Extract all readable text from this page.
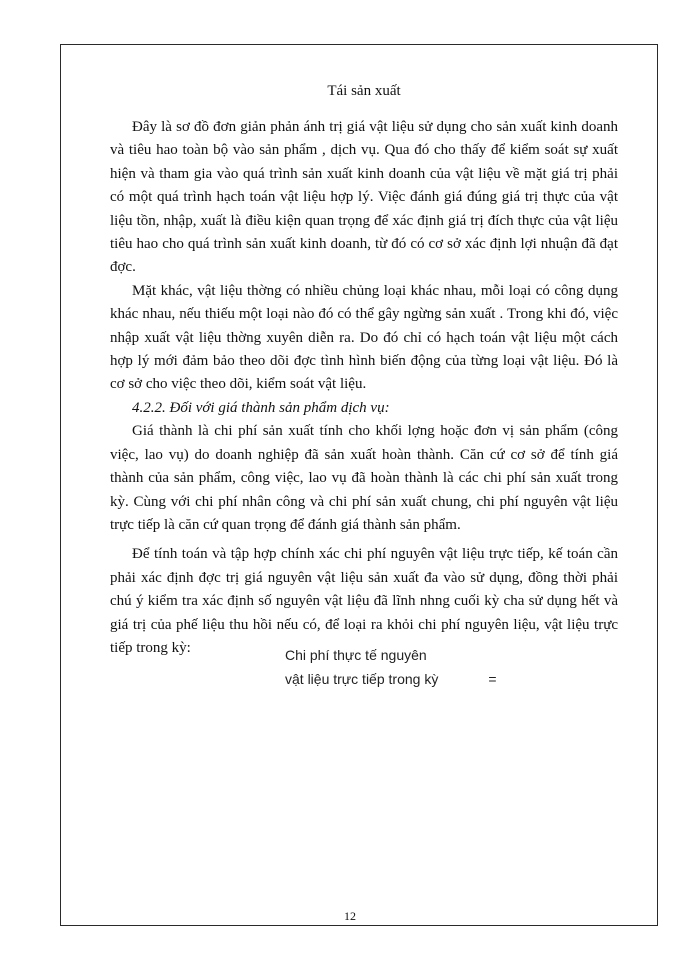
Tái sản xuất

Đây là sơ đồ đơn giản phản ánh trị giá vật liệu sử dụng cho sản xuất kinh doanh và tiêu hao toàn bộ vào sản phẩm , dịch vụ. Qua đó cho thấy để kiểm soát sự xuất hiện và tham gia vào quá trình sản xuất kinh doanh của vật liệu về mặt giá trị phải có một quá trình hạch toán vật liệu hợp lý. Việc đánh giá đúng giá trị thực của vật liệu tồn, nhập, xuất là điều kiện quan trọng để xác định giá trị đích thực của vật liệu tiêu hao cho quá trình sản xuất kinh doanh, từ đó có cơ sở xác định lợi nhuận đã đạt đợc.

Mặt khác, vật liệu thờng có nhiều chủng loại khác nhau, mỗi loại có công dụng khác nhau, nếu thiếu một loại nào đó có thể gây ngừng sản xuất . Trong khi đó, việc nhập xuất vật liệu thờng xuyên diễn ra. Do đó chỉ có hạch toán vật liệu một cách hợp lý mới đảm bảo theo dõi đợc tình hình biến động của từng loại vật liệu. Đó là cơ sở cho việc theo dõi, kiểm soát vật liệu.

4.2.2. Đối với giá thành sản phẩm dịch vụ:

Giá thành là chi phí sản xuất tính cho khối lợng hoặc đơn vị sản phẩm (công việc, lao vụ) do doanh nghiệp đã sản xuất hoàn thành. Căn cứ cơ sở để tính giá thành của sản phẩm, công việc, lao vụ đã hoàn thành là các chi phí sản xuất trong kỳ. Cùng với chi phí nhân công và chi phí sản xuất chung, chi phí nguyên vật liệu trực tiếp là căn cứ quan trọng để đánh giá thành sản phẩm.

Để tính toán và tập hợp chính xác chi phí nguyên vật liệu trực tiếp, kế toán cần phải xác định đợc trị giá nguyên vật liệu sản xuất đa vào sử dụng, đồng thời phải chú ý kiểm tra xác định số nguyên vật liệu đã lĩnh nhng cuối kỳ cha sử dụng hết và giá trị của phế liệu thu hồi nếu có, để loại ra khỏi chi phí nguyên liệu, vật liệu trực tiếp trong kỳ:	Chi phí thực tế nguyên
vật liệu trực tiếp trong kỳ	=
12
